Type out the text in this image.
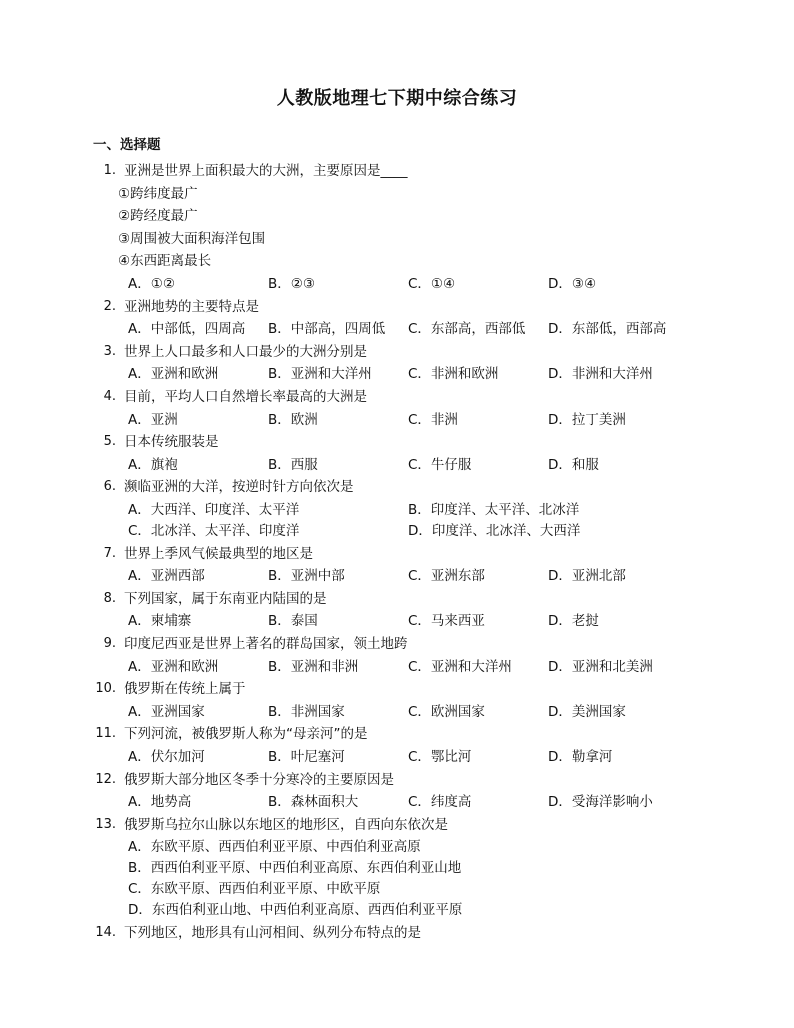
人教版地理七下期中综合练习
一、选择题
1. 亚洲是世界上面积最大的大洲，主要原因是____
①跨纬度最广
②跨经度最广
③周围被大面积海洋包围
④东西距离最长
A．①②	B．②③	C．①④	D．③④
2. 亚洲地势的主要特点是
A．中部低，四周高 B．中部高，四周低 C．东部高，西部低 D．东部低，西部高
3. 世界上人口最多和人口最少的大洲分别是
A．亚洲和欧洲	B．亚洲和大洋州	C．非洲和欧洲	D．非洲和大洋州
4. 目前，平均人口自然增长率最高的大洲是
A．亚洲	B．欧洲	C．非洲	D．拉丁美洲
5. 日本传统服装是
A．旗袍	B．西服	C．牛仔服	D．和服
6. 濒临亚洲的大洋，按逆时针方向依次是
A．大西洋、印度洋、太平洋	B．印度洋、太平洋、北冰洋
C．北冰洋、太平洋、印度洋	D．印度洋、北冰洋、大西洋
7. 世界上季风气候最典型的地区是
A．亚洲西部	B．亚洲中部	C．亚洲东部	D．亚洲北部
8. 下列国家，属于东南亚内陆国的是
A．柬埔寨	B．泰国	C．马来西亚	D．老挝
9. 印度尼西亚是世界上著名的群岛国家，领土地跨
A．亚洲和欧洲	B．亚洲和非洲	C．亚洲和大洋州	D．亚洲和北美洲
10. 俄罗斯在传统上属于
A．亚洲国家	B．非洲国家	C．欧洲国家	D．美洲国家
11. 下列河流，被俄罗斯人称为“母亲河”的是
A．伏尔加河	B．叶尼塞河	C．鄂比河	D．勒拿河
12. 俄罗斯大部分地区冬季十分寒冷的主要原因是
A．地势高	B．森林面积大	C．纬度高	D．受海洋影响小
13. 俄罗斯乌拉尔山脉以东地区的地形区，自西向东依次是
A．东欧平原、西西伯利亚平原、中西伯利亚高原
B．西西伯利亚平原、中西伯利亚高原、东西伯利亚山地
C．东欧平原、西西伯利亚平原、中欧平原
D．东西伯利亚山地、中西伯利亚高原、西西伯利亚平原
14. 下列地区，地形具有山河相间、纵列分布特点的是
